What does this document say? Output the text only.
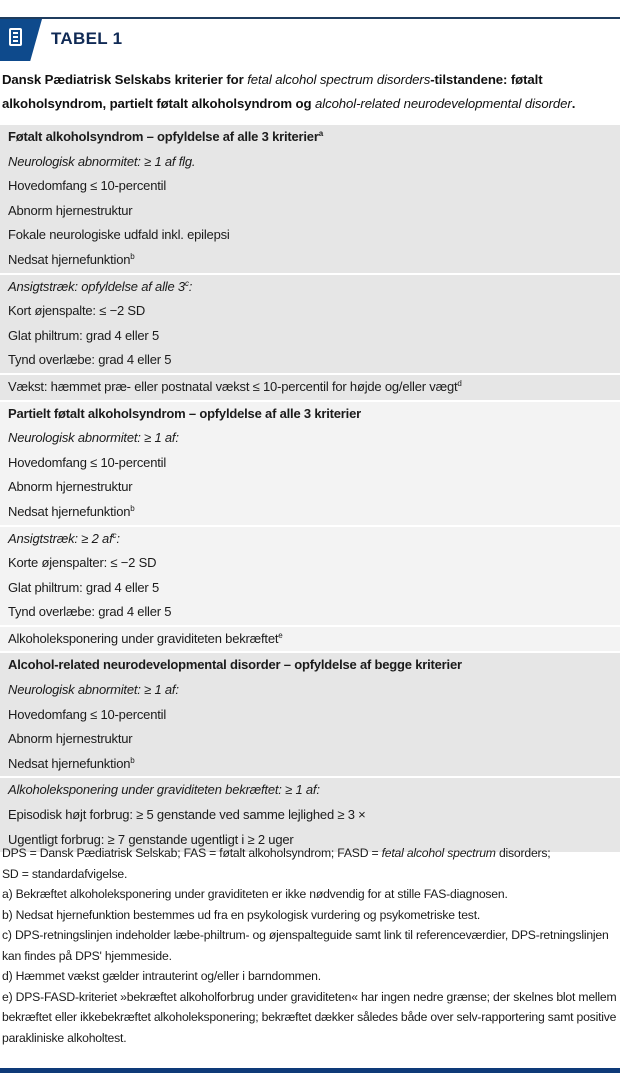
TABEL 1

Dansk Pædiatrisk Selskabs kriterier for fetal alcohol spectrum disorders-tilstandene: føtalt alkoholsyndrom, partielt føtalt alkoholsyndrom og alcohol-related neurodevelopmental disorder.

Føtalt alkoholsyndrom – opfyldelse af alle 3 kriterier$^a$
Neurologisk abnormitet: ≥ 1 af flg.
Hovedomfang ≤ 10-percentil
Abnorm hjernestruktur
Fokale neurologiske udfald inkl. epilepsi
Nedsat hjernefunktion$^b$
Ansigtstræk: opfyldelse af alle 3$^c$:
Kort øjenspalte: ≤ −2 SD
Glat philtrum: grad 4 eller 5
Tynd overlæbe: grad 4 eller 5
Vækst: hæmmet præ- eller postnatal vækst ≤ 10-percentil for højde og/eller vægt$^d$
Partielt føtalt alkoholsyndrom – opfyldelse af alle 3 kriterier
Neurologisk abnormitet: ≥ 1 af:
Hovedomfang ≤ 10-percentil
Abnorm hjernestruktur
Nedsat hjernefunktion$^b$
Ansigtstræk: ≥ 2 $af^c$:
Korte øjenspalter: ≤ −2 SD
Glat philtrum: grad 4 eller 5
Tynd overlæbe: grad 4 eller 5
Alkoholeksponering under graviditeten bekræftet$^e$
Alcohol-related neurodevelopmental disorder – opfyldelse af begge kriterier
Neurologisk abnormitet: ≥ 1 af:
Hovedomfang ≤ 10-percentil
Abnorm hjernestruktur
Nedsat hjernefunktion$^b$
Alkoholeksponering under graviditeten bekræftet: ≥ 1 af:
Episodisk højt forbrug: ≥ 5 genstande ved samme lejlighed ≥ 3 ×
Ugentligt forbrug: ≥ 7 genstande ugentligt i ≥ 2 uger
DPS = Dansk Pædiatrisk Selskab; FAS = føtalt alkoholsyndrom; FASD = fetal alcohol spectrum disorders;
SD = standardafvigelse.
a) Bekræftet alkoholeksponering under graviditeten er ikke nødvendig for at stille FAS-diagnosen.
b) Nedsat hjernefunktion bestemmes ud fra en psykologisk vurdering og psykometriske test.
c) DPS-retningslinjen indeholder læbe-philtrum- og øjenspalteguide samt link til referenceværdier, DPS-retningslinjen kan findes på DPS' hjemmeside.
d) Hæmmet vækst gælder intrauterint og/eller i barndommen.
e) DPS-FASD-kriteriet »bekræftet alkoholforbrug under graviditeten« har ingen nedre grænse; der skelnes blot mellem bekræftet eller ikkebekræftet alkoholeksponering; bekræftet dækker således både over selv-rapportering samt positive parakliniske alkoholtest.
